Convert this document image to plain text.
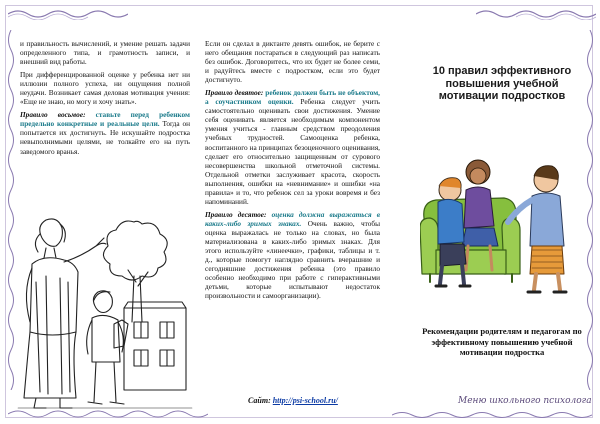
и правильность вычислений, и умение решать задачи определенного типа, и грамотность записи, и внешний вид работы.

При дифференцированной оценке у ребенка нет ни иллюзии полного успеха, ни ощущения полной неудачи. Возникает самая деловая мотивация учения: «Еще не знаю, но могу и хочу знать».

Правило восьмое: ставьте перед ребенком предельно конкретные и реальные цели. Тогда он попытается их достигнуть. Не искушайте подростка невыполнимыми целями, не толкайте его на путь заведомого вранья.

Если он сделал в диктанте девять ошибок, не берите с него обещания постараться в следующий раз написать без ошибок. Договоритесь, что их будет не более семи, и радуйтесь вместе с подростком, если это будет достигнуто.

Правило девятое: ребенок должен быть не объектом, а соучастником оценки. Ребенка следует учить самостоятельно оценивать свои достижения. Умение себя оценивать является необходимым компонентом умения учиться - главным средством преодоления учебных трудностей. Самооценка ребенка, воспитанного на принципах безоценочного оценивания, сделает его относительно защищенным от сурового несовершенства школьной отметочной системы. Отдельной отметки заслуживает красота, скорость выполнения, ошибки на «невнимание» и ошибки «на правила» и то, что ребенок сел за уроки вовремя и без напоминаний.

Правило десятое: оценка должна выражаться в каких-либо зримых знаках. Очень важно, чтобы оценка выражалась не только на словах, но была материализована в каких-либо зримых знаках. Для этого используйте «линеечки», графики, таблицы и т. д., которые помогут наглядно сравнить вчерашние и сегодняшние достижения ребенка (это правило особенно необходимо при работе с гиперактивными детьми, которые испытывают недостаток произвольности и самоорганизации).

Сайт: http://psi-school.ru/
10 правил эффективного повышения учебной мотивации подростков
Рекомендации родителям и педагогам по эффективному повышению учебной мотивации подростка
Меню школьного психолога
